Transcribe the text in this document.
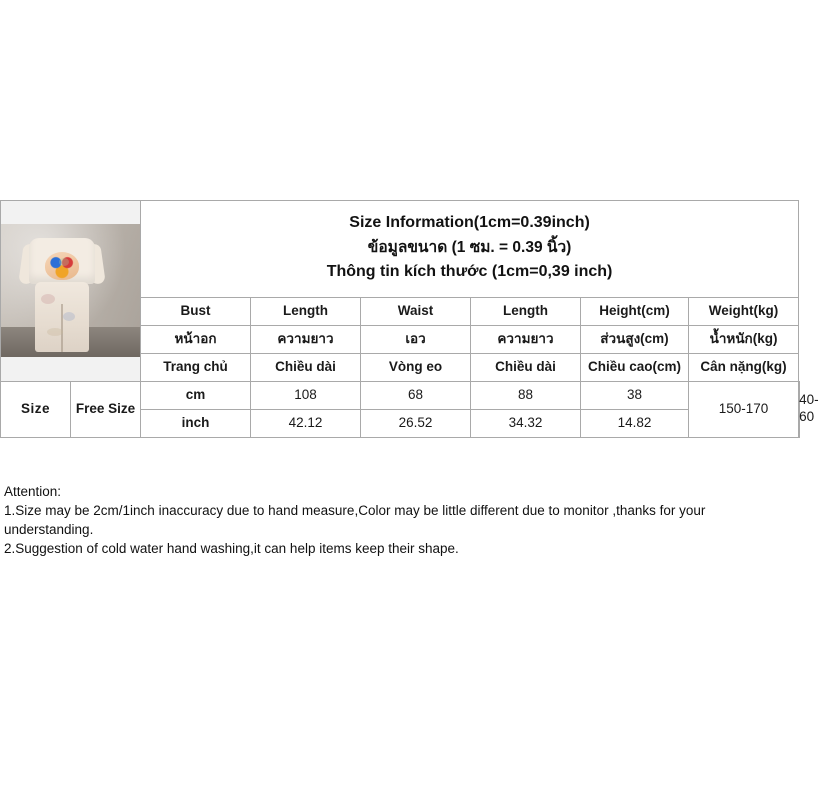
		Size Information(1cm=0.39inch)
ข้อมูลขนาด (1 ซม. = 0.39 นิ้ว)
Thông tin kích thước (1cm=0,39 inch)						

		Bust	Length	Waist	Length	Height(cm)	Weight(kg)	
		หน้าอก	ความยาว	เอว	ความยาว	ส่วนสูง(cm)	น้ำหนัก(kg)	
		Trang chủ	Chiều dài	Vòng eo	Chiều dài	Chiều cao(cm)	Cân nặng(kg)	
Size	Free Size	cm	108	68	88	38	150-170	40-60
		inch	42.12	26.52	34.32	14.82		
Attention:
1.Size may be 2cm/1inch inaccuracy due to hand measure,Color may be little different due to monitor ,thanks for your understanding.
2.Suggestion of cold water hand washing,it can help items keep their shape.
